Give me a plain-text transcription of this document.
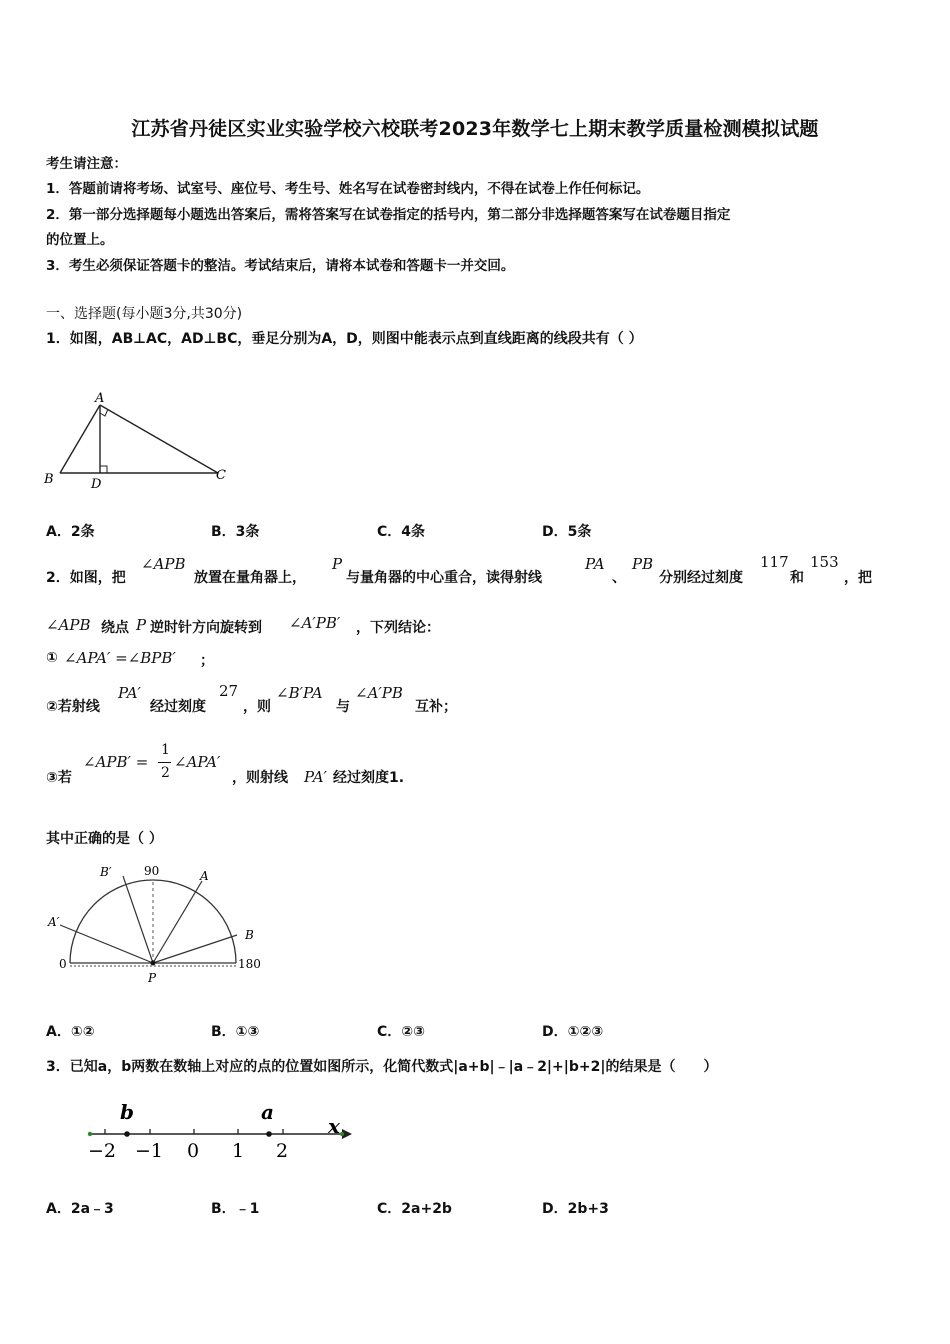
江苏省丹徒区实业实验学校六校联考2023年数学七上期末教学质量检测模拟试题
考生请注意：
1．答题前请将考场、试室号、座位号、考生号、姓名写在试卷密封线内，不得在试卷上作任何标记。
2．第一部分选择题每小题选出答案后，需将答案写在试卷指定的括号内，第二部分非选择题答案写在试卷题目指定
的位置上。
3．考生必须保证答题卡的整洁。考试结束后，请将本试卷和答题卡一并交回。
一、选择题(每小题3分,共30分)
1．如图，AB⊥AC，AD⊥BC，垂足分别为A，D，则图中能表示点到直线距离的线段共有（ ）
A
B	C
D
A．2条	B．3条	C．4条	D．5条
2．如图，把
∠APB
放置在量角器上，
P
与量角器的中心重合，读得射线
PA
、
PB
分别经过刻度
117
和
153
，把
∠APB 绕点 P 逆时针方向旋转到 ∠A′PB′ ，下列结论：
① ∠APA′ =∠BPB′ ；
②若射线
PA′
经过刻度
27
，则
∠B′PA
与
∠A′PB
互补；
③若
∠APB′ =
1
2
∠APA′
，则射线 PA′ 经过刻度1.
其中正确的是（ ）
B′	90	A
A′
B
0
P
180
A．①②	B．①③	C．②③	D．①②③
3．已知a，b两数在数轴上对应的点的位置如图所示，化简代数式|a+b|﹣|a﹣2|+|b+2|的结果是（　　）
b	a
x
−2 −1 0 1 2
A．2a﹣3	B．﹣1	C．2a+2b	D．2b+3
